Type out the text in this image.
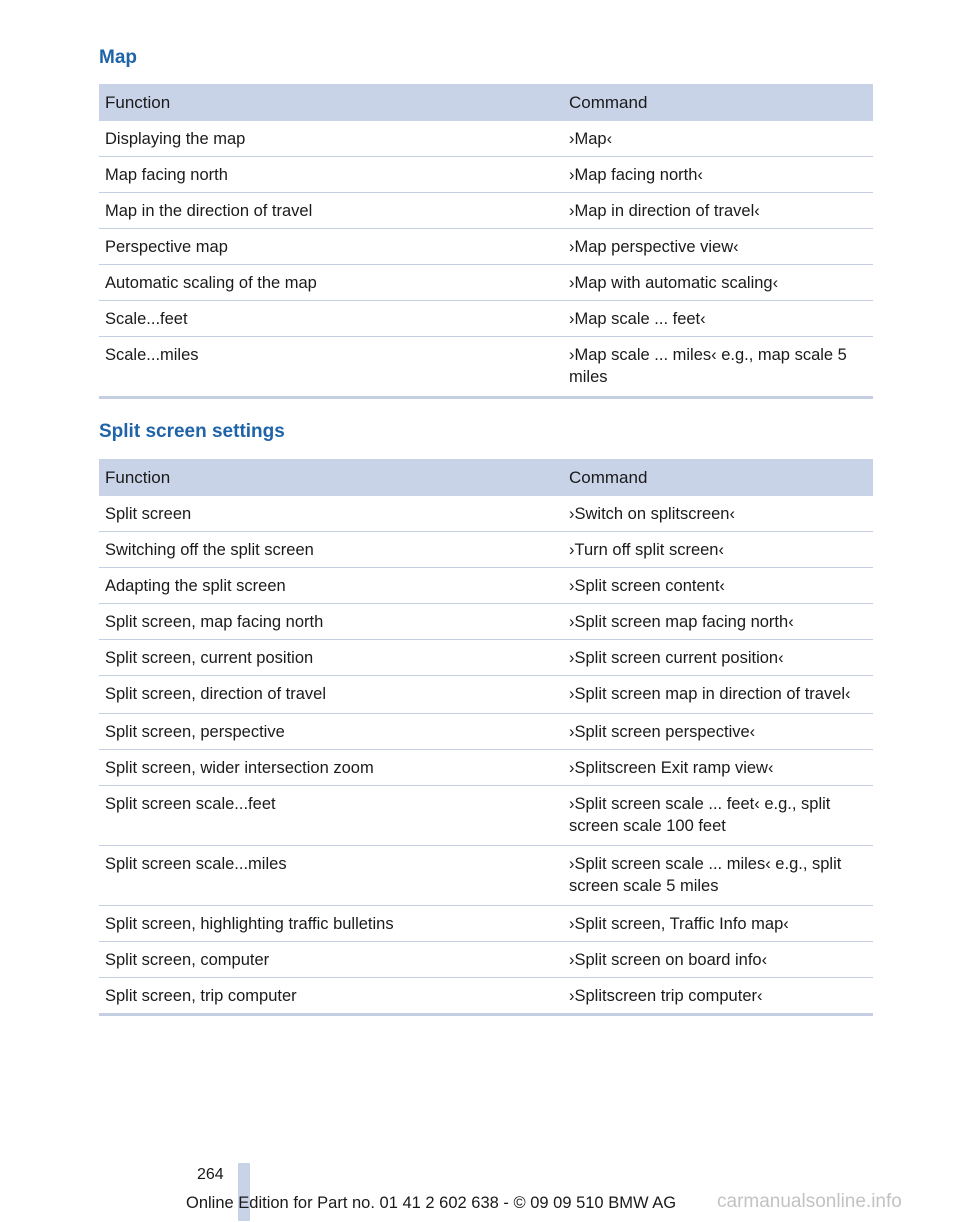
Map
Function	Command
Displaying the map	›Map‹
Map facing north	›Map facing north‹
Map in the direction of travel	›Map in direction of travel‹
Perspective map	›Map perspective view‹
Automatic scaling of the map	›Map with automatic scaling‹
Scale...feet	›Map scale ... feet‹
Scale...miles	›Map scale ... miles‹ e.g., map scale 5 miles
Split screen settings
Function	Command
Split screen	›Switch on splitscreen‹
Switching off the split screen	›Turn off split screen‹
Adapting the split screen	›Split screen content‹
Split screen, map facing north	›Split screen map facing north‹
Split screen, current position	›Split screen current position‹
Split screen, direction of travel	›Split screen map in direction of travel‹
Split screen, perspective	›Split screen perspective‹
Split screen, wider intersection zoom	›Splitscreen Exit ramp view‹
Split screen scale...feet	›Split screen scale ... feet‹ e.g., split screen scale 100 feet
Split screen scale...miles	›Split screen scale ... miles‹ e.g., split screen scale 5 miles
Split screen, highlighting traffic bulletins	›Split screen, Traffic Info map‹
Split screen, computer	›Split screen on board info‹
Split screen, trip computer	›Splitscreen trip computer‹
264
Online Edition for Part no. 01 41 2 602 638 - © 09 09 510 BMW AG carmanualsonline.info
